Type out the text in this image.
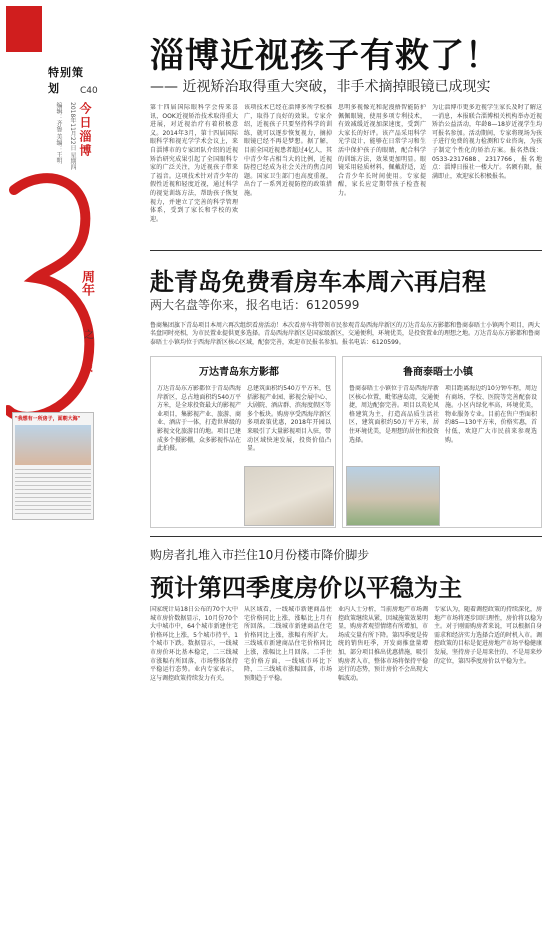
特别策划	C40
编辑：齐鲁 美编：王明	2018年11月22日 星期四 今日淄博
3
周年
之
这座城
"我想有一所房子，面朝大海"
淄博近视孩子有救了！
—— 近视矫治取得重大突破，非手术摘掉眼镜已成现实
第十四届国际眼科学会传来喜讯，OOK近视矫治技术取得重大进展，对近视治疗有着积极意义。2014年3月，第十四届国际眼科学和视光学学术会议上，来自淄博市的专家团队介绍的近视矫治研究成果引起了全国眼科专家的广泛关注，为近视孩子带来了福音。这项技术针对青少年的假性近视和轻度近视，通过科学的视觉训练方法，帮助孩子恢复视力，并建立了完善的科学管理体系，受到了家长和学校的欢迎。
该项技术已经在淄博多所学校推广，取得了良好的效果。专家介绍，近视孩子只要坚持科学的训练，就可以逐步恢复视力，摘掉眼镜已经不再是梦想。据了解，目前全国近视患者超过4亿人，其中青少年占相当大的比例，近视防控已经成为社会关注的焦点问题。国家卫生部门也高度重视，出台了一系列近视防控的政策措施。
思明多视像光和泥漫捂智能防护佩佩眼镜，使用多项专利技术，有效减缓近视加深速度，受到广大家长的好评。该产品采用科学光学设计，能够在日常学习和生活中保护孩子的眼睛，配合科学的训练方法，效果更加明显。眼镜采用轻质材料，佩戴舒适，适合青少年长时间使用。专家提醒，家长应定期带孩子检查视力。
为让淄博市更多近视学生家长及时了解这一消息，本报联合淄博相关机构举办近视矫治公益活动，年龄8—18岁近视学生均可报名参加。活动期间，专家将现场为孩子进行免费的视力检测和专业咨询，为孩子制定个性化的矫治方案。报名热线：0533-2317688、2317766，报名地点：淄博日报社一楼大厅。名额有限，报满即止，欢迎家长积极报名。
赴青岛免费看房车本周六再启程
两大名盘等你来，报名电话：6120599
鲁商集团旗下青岛项目本周六再次组织看房活动！本次看房车将带领市民参观青岛西海岸新区的万达青岛东方影都和鲁商泰晤士小镇两个项目，两大名盘同时亮相，为市民置业提供更多选择。青岛西海岸新区是国家级新区，交通便利，环境优美，是投资置业的理想之地。万达青岛东方影都和鲁商泰晤士小镇均位于西海岸新区核心区域，配套完善，欢迎市民报名参加。报名电话：6120599。
万达青岛东方影都
万达青岛东方影都位于青岛西海岸新区，总占地面积约540万平方米，是全球投资最大的影视产业项目，集影视产业、旅游、商业、酒店于一体，打造世界级的影视文化旅游目的地。项目已建成多个摄影棚，众多影视作品在此拍摄。
总建筑面积约540万平方米，包括影视产业园、影视会展中心、大剧院、酒店群、滨海度假区等多个板块。购房享受西海岸新区多项政策优惠，2018年开园以来吸引了大量影视项目入驻，带动区域快速发展，投资价值凸显。
鲁商泰晤士小镇
鲁商泰晤士小镇位于青岛西海岸新区核心位置，毗邻唐岛湾，交通便捷，周边配套完善。项目以英伦风格建筑为主，打造高品质生活社区，建筑面积约50万平方米，居住环境优美，是理想的居住和投资选择。
项目距离海边约10分钟车程，周边有商场、学校、医院等完善配套设施。小区内绿化率高，环境优美，物业服务专业。目前在售户型面积约85—130平方米，价格实惠，首付低，欢迎广大市民前来参观选购。
购房者扎堆入市拦住10月份楼市降价脚步
预计第四季度房价以平稳为主
国家统计局18日公布的70个大中城市房价数据显示，10月份70个大中城市中，64个城市新建住宅价格环比上涨，5个城市持平，1个城市下跌。数据显示，一线城市房价环比基本稳定，二三线城市涨幅有所回落，市场整体保持平稳运行态势。业内专家表示，这与调控政策持续发力有关。
从区域看，一线城市新建商品住宅价格同比上涨，涨幅比上月有所回落。二线城市新建商品住宅价格同比上涨，涨幅有所扩大。三线城市新建商品住宅价格同比上涨，涨幅比上月回落。二手住宅价格方面，一线城市环比下降，二三线城市涨幅回落，市场预期趋于平稳。
业内人士分析，当前房地产市场调控政策继续从紧，因城施策效果明显，购房者观望情绪有所增加，市场成交量有所下降。第四季度是传统的销售旺季，开发商推盘量增加，部分项目推出优惠措施，吸引购房者入市，整体市场将保持平稳运行的态势，预计房价不会出现大幅波动。
专家认为，随着调控政策的持续深化，房地产市场将逐步回归理性，房价将以稳为主。对于刚需购房者来说，可以根据自身需求和经济实力选择合适的时机入市。调控政策的目标是促进房地产市场平稳健康发展，坚持房子是用来住的、不是用来炒的定位，第四季度房价以平稳为主。
